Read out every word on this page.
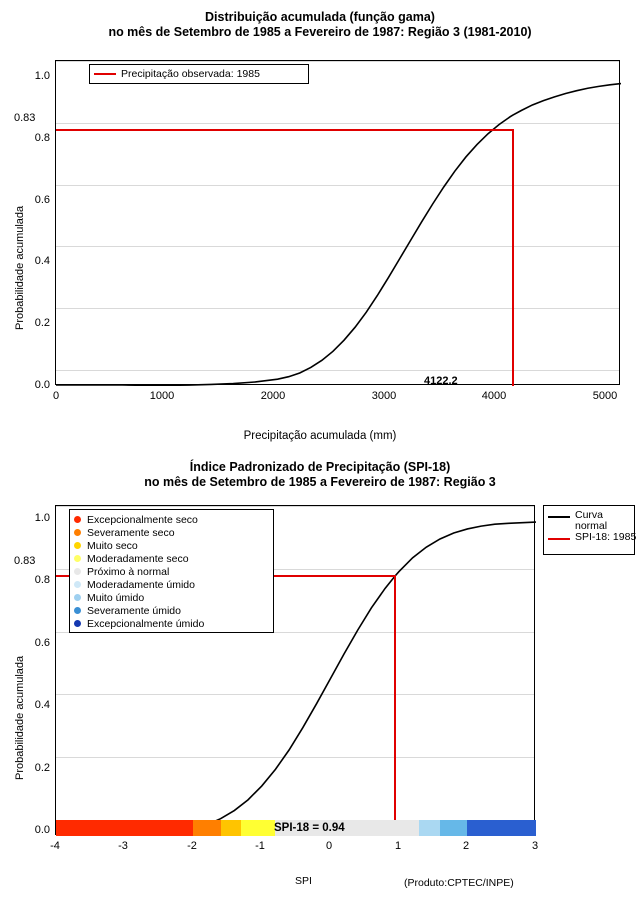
Distribuição acumulada (função gama)
no mês de Setembro de 1985 a Fevereiro de 1987: Região 3 (1981-2010)
Probabilidade acumulada
Precipitação observada: 1985
0.0
0.2
0.4
0.6
0.8
1.0
0.83
0	1000	2000	3000	4000	5000
4122.2
Precipitação acumulada (mm)
Índice Padronizado de Precipitação (SPI-18)
no mês de Setembro de 1985 a Fevereiro de 1987: Região 3
Probabilidade acumulada
Excepcionalmente seco
Severamente seco
Muito seco
Moderadamente seco
Próximo à normal
Moderadamente úmido
Muito úmido
Severamente úmido
Excepcionalmente úmido
SPI-18 = 0.94
Curva
normal
SPI-18: 1985
0.0
0.2
0.4
0.6
0.8
1.0
0.83
-4	-3	-2	-1	0	1	2	3
SPI	(Produto:CPTEC/INPE)
